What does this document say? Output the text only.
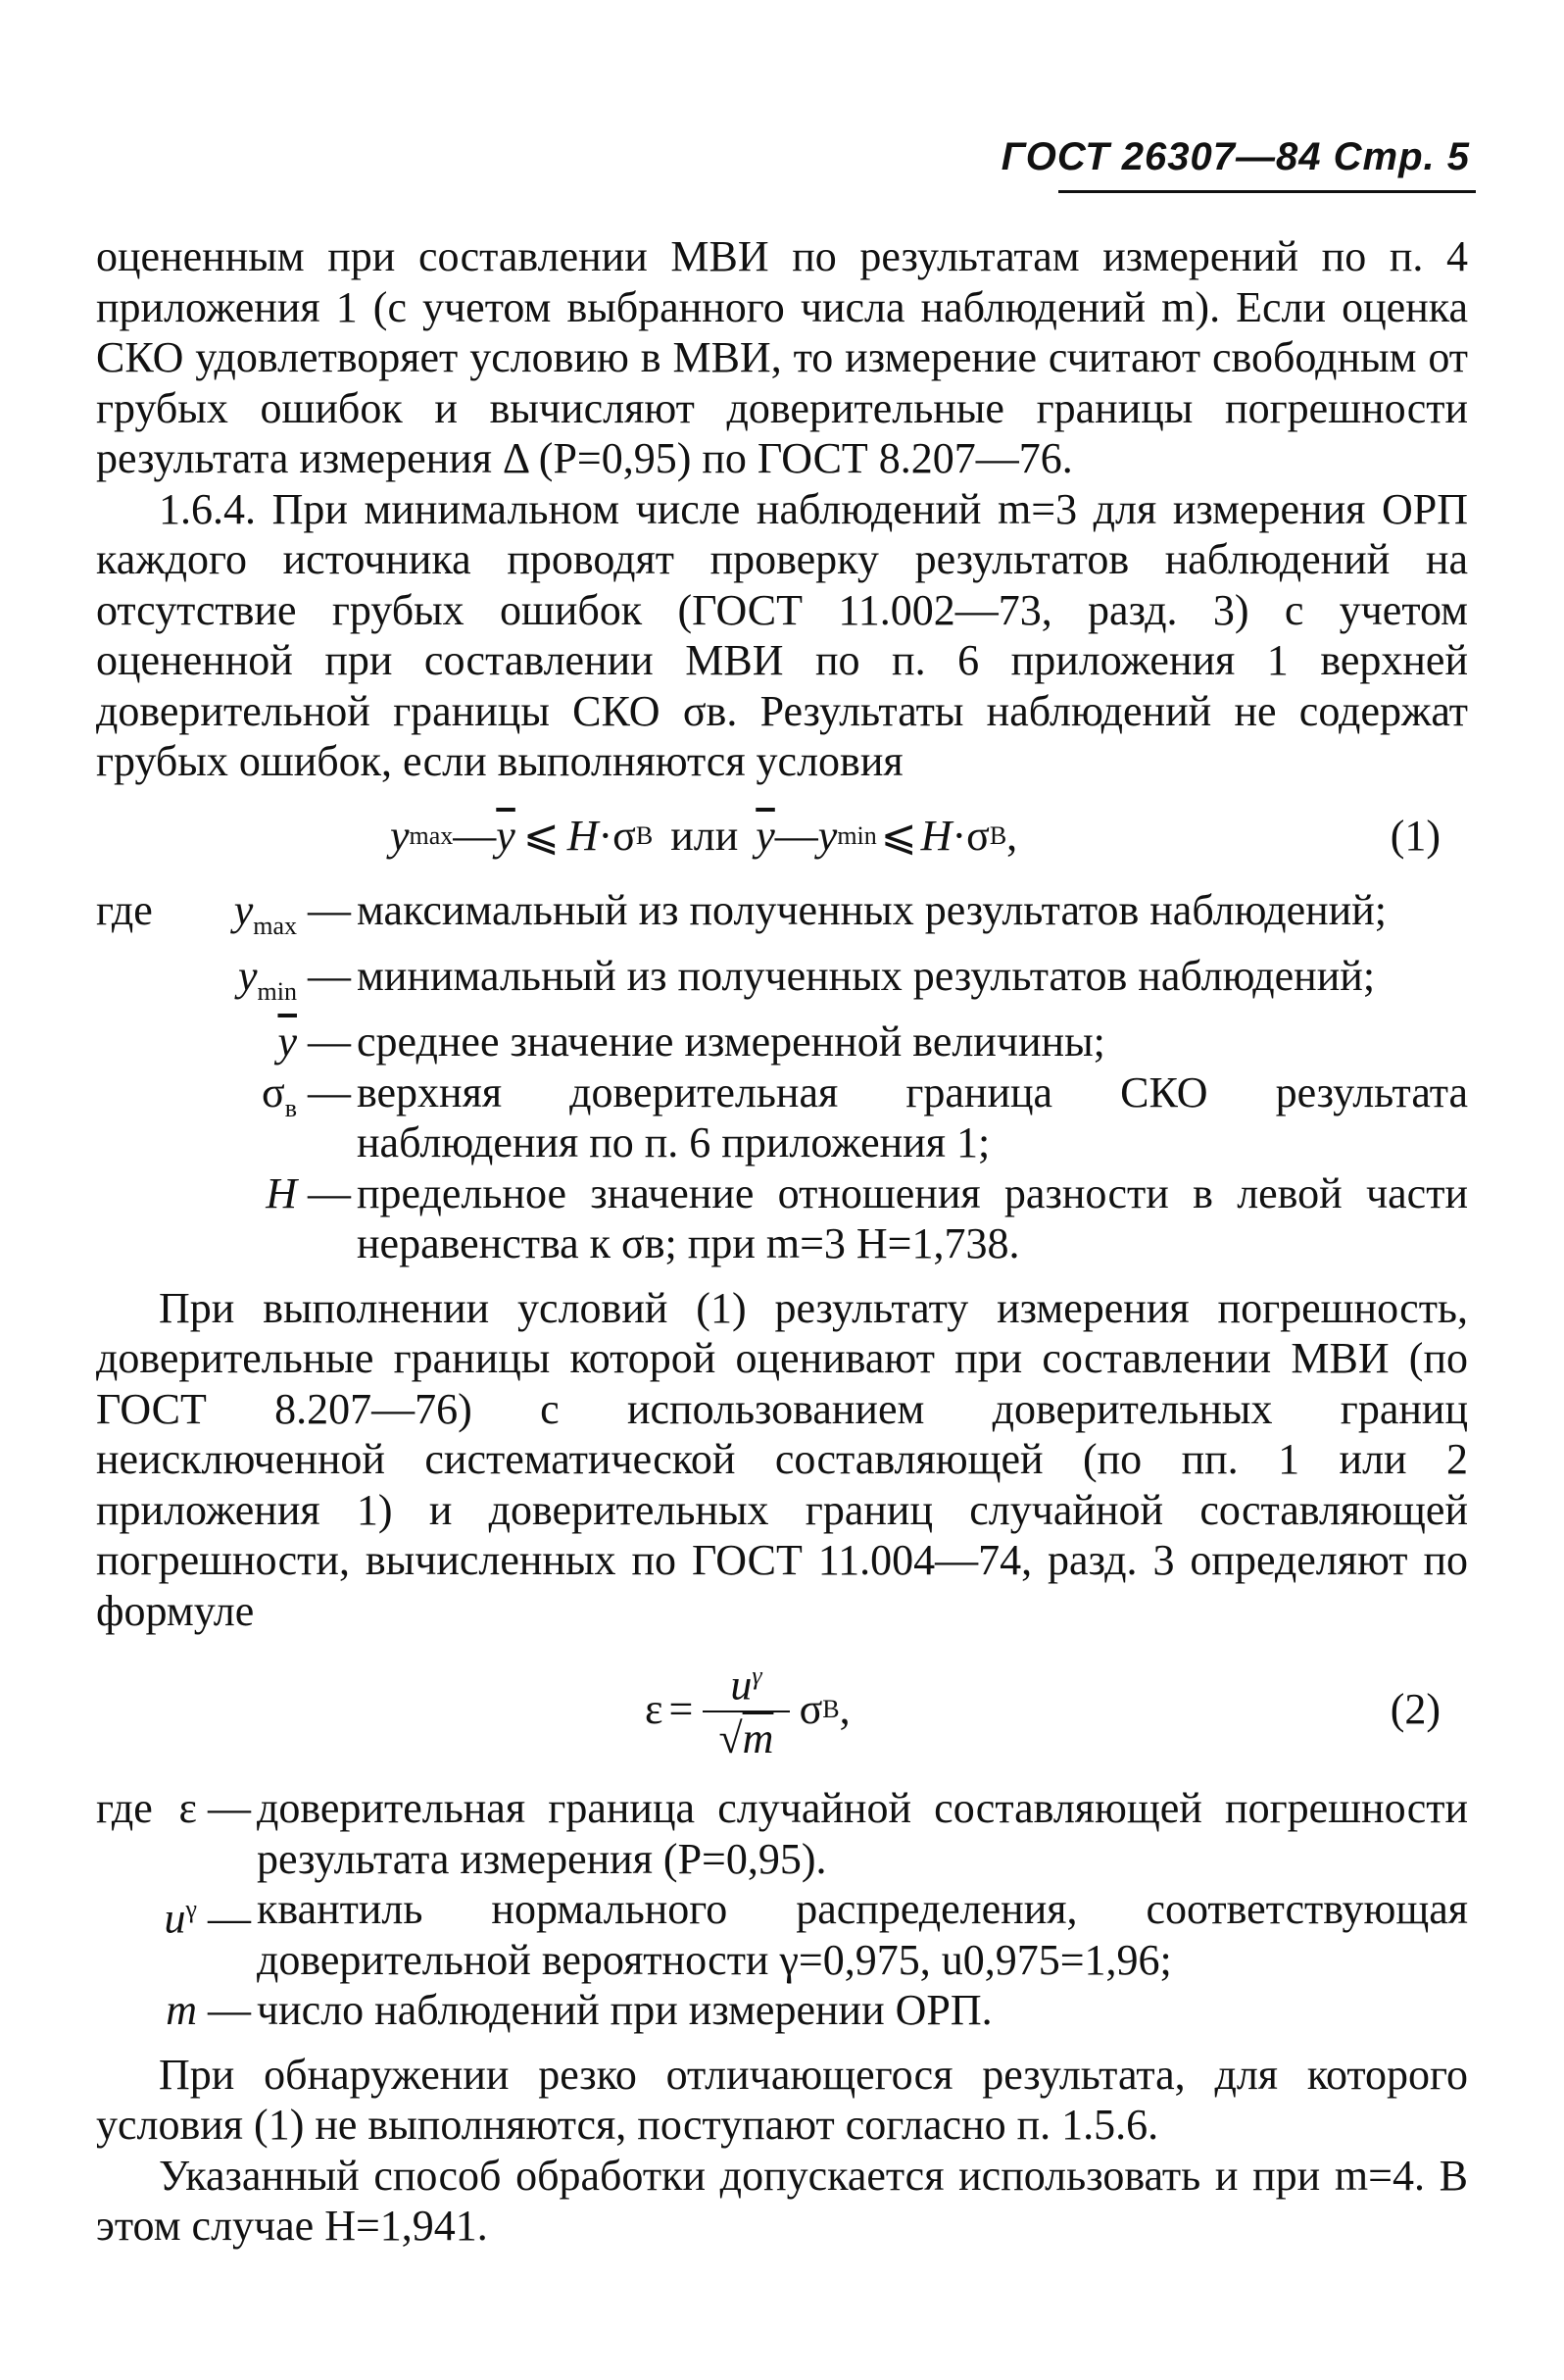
ГОСТ 26307—84 Стр. 5

оцененным при составлении МВИ по результатам измерений по п. 4 приложения 1 (с учетом выбранного числа наблюдений m). Если оценка СКО удовлетворяет условию в МВИ, то измерение считают свободным от грубых ошибок и вычисляют доверительные границы погрешности результата измерения Δ (P=0,95) по ГОСТ 8.207—76.

1.6.4. При минимальном числе наблюдений m=3 для измерения ОРП каждого источника проводят проверку результатов наблюдений на отсутствие грубых ошибок (ГОСТ 11.002—73, разд. 3) с учетом оцененной при составлении МВИ по п. 6 приложения 1 верхней доверительной границы СКО σв. Результаты наблюдений не содержат грубых ошибок, если выполняются условия

y max — $\overline{y}$ ⩽ H · σ В или $\overline{y}$ — y min ⩽ H · σ В ,	(1)
где $y_{max}$ — максимальный из полученных результатов наблюдений;
$y_{min}$ — минимальный из полученных результатов наблюдений;
$\overline{y}$ — среднее значение измеренной величины;
$\sigma_в$ — верхняя доверительная граница СКО результата наблюдения по п. 6 приложения 1;
H — предельное значение отношения разности в левой части неравенства к σв; при m=3 H=1,738.

При выполнении условий (1) результату измерения погрешность, доверительные границы которой оценивают при составлении МВИ (по ГОСТ 8.207—76) с использованием доверительных границ неисключенной систематической составляющей (по пп. 1 или 2 приложения 1) и доверительных границ случайной составляющей погрешности, вычисленных по ГОСТ 11.004—74, разд. 3 определяют по формуле

$\varepsilon = \frac{u^\gamma}{√m}$ σ В ,	(2)
где ε — доверительная граница случайной составляющей погрешности результата измерения (P=0,95).
$u^\gamma$ — квантиль нормального распределения, соответствующая доверительной вероятности γ=0,975, u0,975=1,96;
m — число наблюдений при измерении ОРП.

При обнаружении резко отличающегося результата, для которого условия (1) не выполняются, поступают согласно п. 1.5.6.

Указанный способ обработки допускается использовать и при m=4. В этом случае H=1,941.
